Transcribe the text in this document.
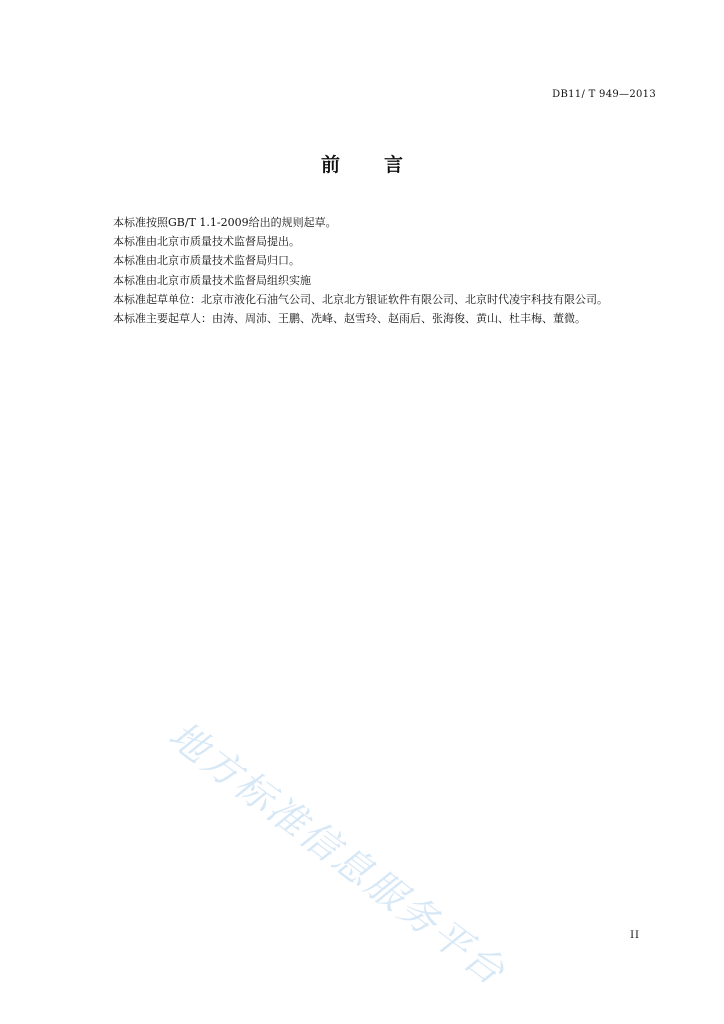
DB11/ T 949—2013
前言

本标准按照GB/T 1.1-2009给出的规则起草。

本标准由北京市质量技术监督局提出。

本标准由北京市质量技术监督局归口。

本标准由北京市质量技术监督局组织实施

本标准起草单位：北京市液化石油气公司、北京北方银证软件有限公司、北京时代凌宇科技有限公司。

本标准主要起草人：由涛、周沛、王鹏、冼峰、赵雪玲、赵雨后、张海俊、黄山、杜丰梅、董微。

地方标准信息服务平台	II
